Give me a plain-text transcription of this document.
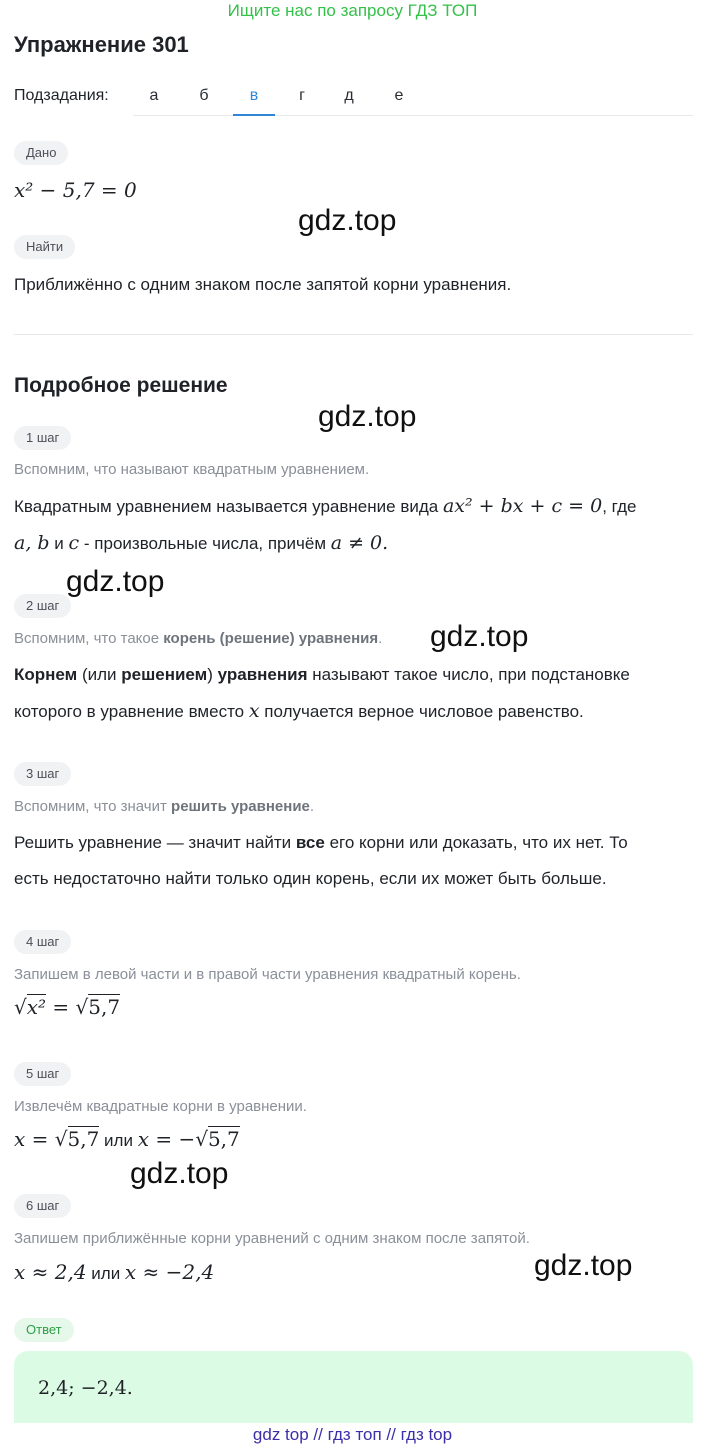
Ищите нас по запросу ГДЗ ТОП
Упражнение 301
Подзадания:	а	б	в	г	д	е
Дано
x² − 5,7 = 0
Найти
Приближённо с одним знаком после запятой корни уравнения.
Подробное решение
1 шаг
Вспомним, что называют квадратным уравнением.
Квадратным уравнением называется уравнение вида ax² + bx + c = 0, где
a, b и c - произвольные числа, причём a ≠ 0.
2 шаг
Вспомним, что такое корень (решение) уравнения.
Корнем (или решением) уравнения называют такое число, при подстановке
которого в уравнение вместо x получается верное числовое равенство.
3 шаг
Вспомним, что значит решить уравнение.
Решить уравнение — значит найти все его корни или доказать, что их нет. То
есть недостаточно найти только один корень, если их может быть больше.
4 шаг
Запишем в левой части и в правой части уравнения квадратный корень.
√x² = √5,7
5 шаг
Извлечём квадратные корни в уравнении.
x = √5,7 или x = −√5,7
6 шаг
Запишем приближённые корни уравнений с одним знаком после запятой.
x ≈ 2,4 или x ≈ −2,4
Ответ
2,4; −2,4.
gdz.top
gdz.top
gdz.top
gdz.top
gdz.top
gdz.top
gdz top // гдз топ // гдз top
